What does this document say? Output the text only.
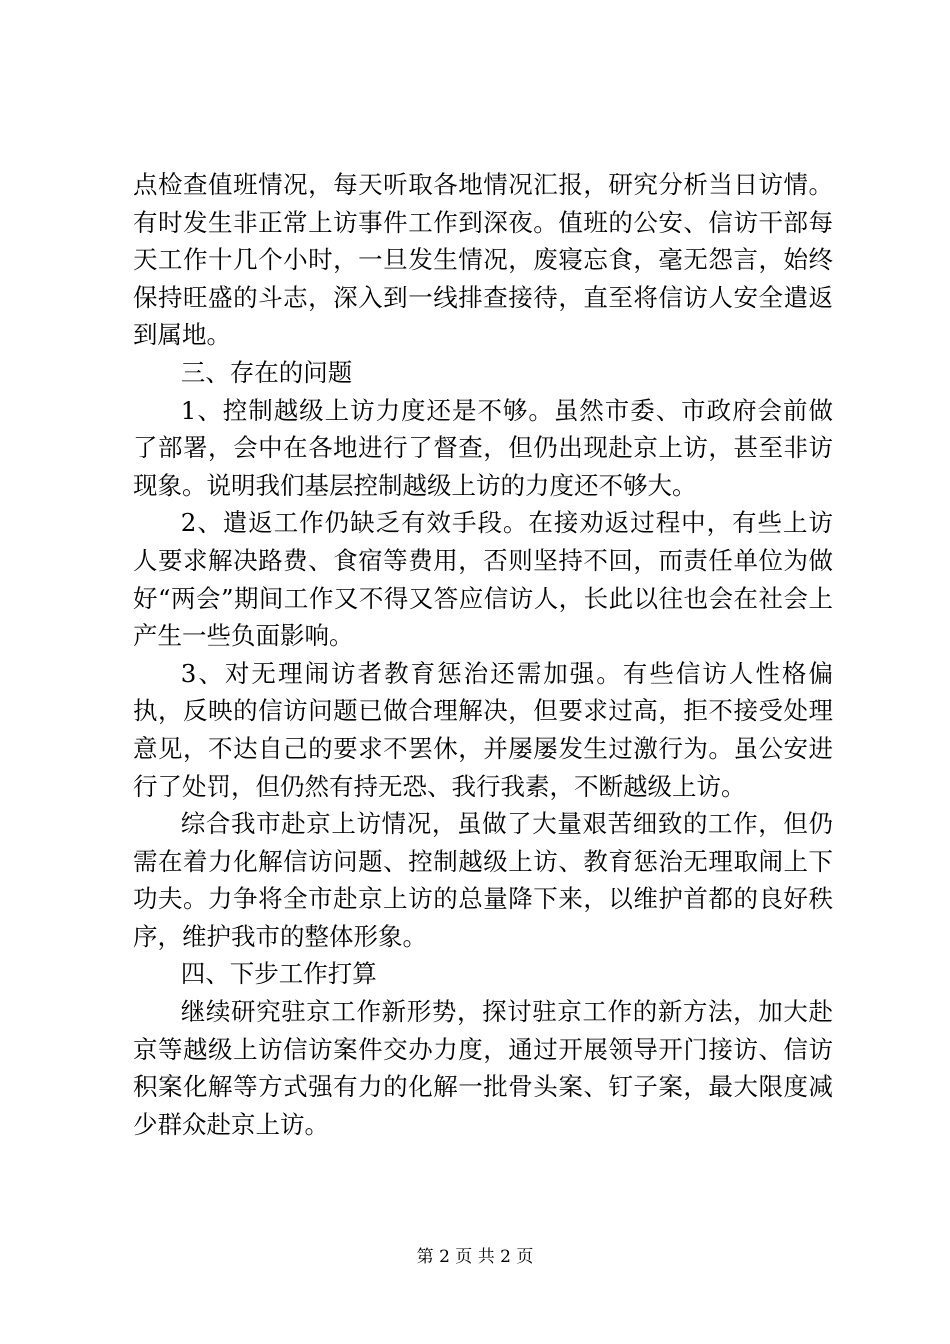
点检查值班情况，每天听取各地情况汇报，研究分析当日访情。有时发生非正常上访事件工作到深夜。值班的公安、信访干部每天工作十几个小时，一旦发生情况，废寝忘食，毫无怨言，始终保持旺盛的斗志，深入到一线排查接待，直至将信访人安全遣返到属地。

三、存在的问题

1、控制越级上访力度还是不够。虽然市委、市政府会前做了部署，会中在各地进行了督查，但仍出现赴京上访，甚至非访现象。说明我们基层控制越级上访的力度还不够大。

2、遣返工作仍缺乏有效手段。在接劝返过程中，有些上访人要求解决路费、食宿等费用，否则坚持不回，而责任单位为做好“两会”期间工作又不得又答应信访人，长此以往也会在社会上产生一些负面影响。

3、对无理闹访者教育惩治还需加强。有些信访人性格偏执，反映的信访问题已做合理解决，但要求过高，拒不接受处理意见，不达自己的要求不罢休，并屡屡发生过激行为。虽公安进行了处罚，但仍然有持无恐、我行我素，不断越级上访。

综合我市赴京上访情况，虽做了大量艰苦细致的工作，但仍需在着力化解信访问题、控制越级上访、教育惩治无理取闹上下功夫。力争将全市赴京上访的总量降下来，以维护首都的良好秩序，维护我市的整体形象。

四、下步工作打算

继续研究驻京工作新形势，探讨驻京工作的新方法，加大赴京等越级上访信访案件交办力度，通过开展领导开门接访、信访积案化解等方式强有力的化解一批骨头案、钉子案，最大限度减少群众赴京上访。

第 2 页 共 2 页
